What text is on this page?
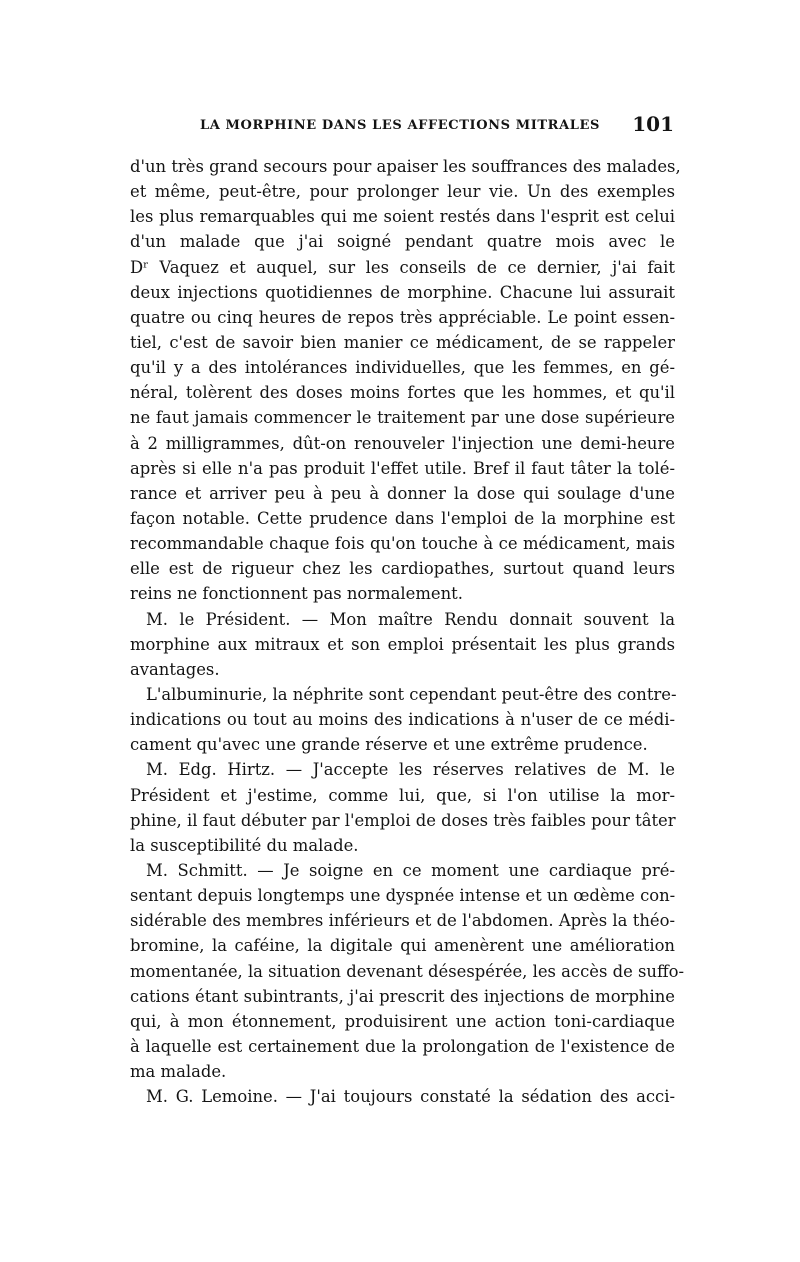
LA MORPHINE DANS LES AFFECTIONS MITRALES 101
d'un très grand secours pour apaiser les souffrances des malades,
et même, peut-être, pour prolonger leur vie. Un des exemples
les plus remarquables qui me soient restés dans l'esprit est celui
d'un malade que j'ai soigné pendant quatre mois avec le
Dʳ Vaquez et auquel, sur les conseils de ce dernier, j'ai fait
deux injections quotidiennes de morphine. Chacune lui assurait
quatre ou cinq heures de repos très appréciable. Le point essen-
tiel, c'est de savoir bien manier ce médicament, de se rappeler
qu'il y a des intolérances individuelles, que les femmes, en gé-
néral, tolèrent des doses moins fortes que les hommes, et qu'il
ne faut jamais commencer le traitement par une dose supérieure
à 2 milligrammes, dût-on renouveler l'injection une demi-heure
après si elle n'a pas produit l'effet utile. Bref il faut tâter la tolé-
rance et arriver peu à peu à donner la dose qui soulage d'une
façon notable. Cette prudence dans l'emploi de la morphine est
recommandable chaque fois qu'on touche à ce médicament, mais
elle est de rigueur chez les cardiopathes, surtout quand leurs
reins ne fonctionnent pas normalement.
M. le Président. — Mon maître Rendu donnait souvent la
morphine aux mitraux et son emploi présentait les plus grands
avantages.
L'albuminurie, la néphrite sont cependant peut-être des contre-
indications ou tout au moins des indications à n'user de ce médi-
cament qu'avec une grande réserve et une extrême prudence.
M. Edg. Hirtz. — J'accepte les réserves relatives de M. le
Président et j'estime, comme lui, que, si l'on utilise la mor-
phine, il faut débuter par l'emploi de doses très faibles pour tâter
la susceptibilité du malade.
M. Schmitt. — Je soigne en ce moment une cardiaque pré-
sentant depuis longtemps une dyspnée intense et un œdème con-
sidérable des membres inférieurs et de l'abdomen. Après la théo-
bromine, la caféine, la digitale qui amenèrent une amélioration
momentanée, la situation devenant désespérée, les accès de suffo-
cations étant subintrants, j'ai prescrit des injections de morphine
qui, à mon étonnement, produisirent une action toni-cardiaque
à laquelle est certainement due la prolongation de l'existence de
ma malade.
M. G. Lemoine. — J'ai toujours constaté la sédation des acci-
